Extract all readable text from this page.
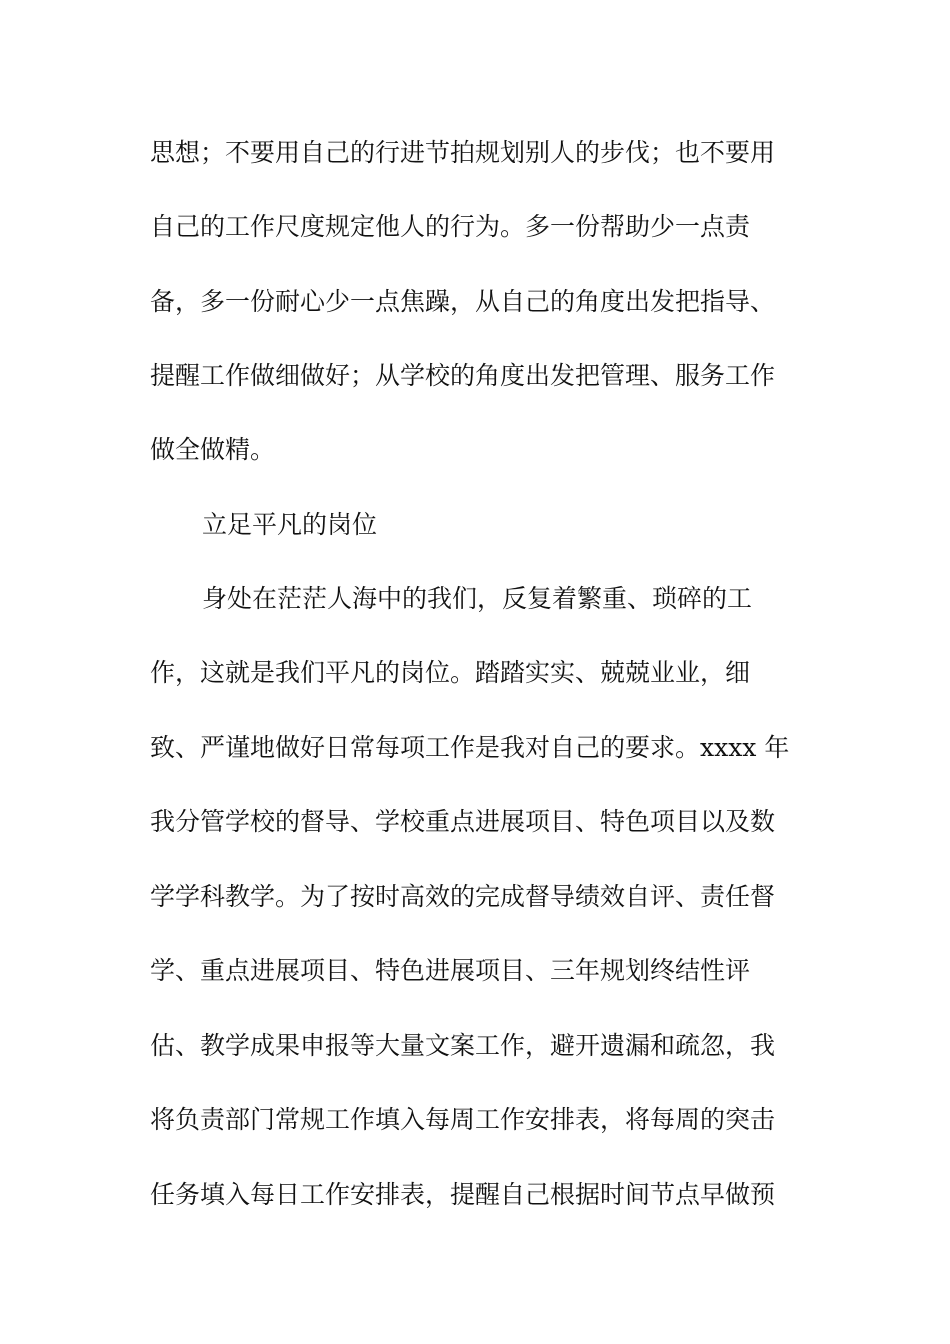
思想；不要用自己的行进节拍规划别人的步伐；也不要用
自己的工作尺度规定他人的行为。多一份帮助少一点责
备，多一份耐心少一点焦躁，从自己的角度出发把指导、
提醒工作做细做好；从学校的角度出发把管理、服务工作
做全做精。
立足平凡的岗位
身处在茫茫人海中的我们，反复着繁重、琐碎的工
作，这就是我们平凡的岗位。踏踏实实、兢兢业业，细
致、严谨地做好日常每项工作是我对自己的要求。xxxx 年
我分管学校的督导、学校重点进展项目、特色项目以及数
学学科教学。为了按时高效的完成督导绩效自评、责任督
学、重点进展项目、特色进展项目、三年规划终结性评
估、教学成果申报等大量文案工作，避开遗漏和疏忽，我
将负责部门常规工作填入每周工作安排表，将每周的突击
任务填入每日工作安排表，提醒自己根据时间节点早做预
